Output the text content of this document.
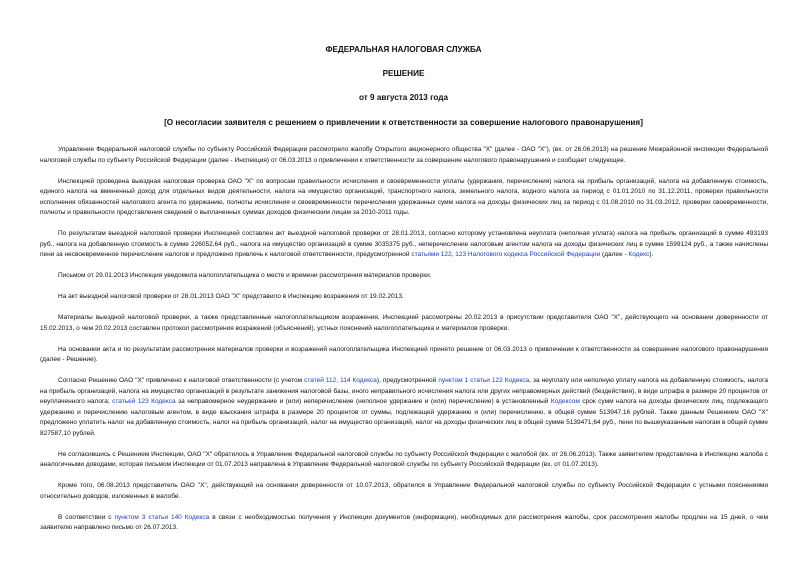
ФЕДЕРАЛЬНАЯ НАЛОГОВАЯ СЛУЖБА
РЕШЕНИЕ
от 9 августа 2013 года
[О несогласии заявителя с решением о привлечении к ответственности за совершение налогового правонарушения]

Управление Федеральной налоговой службы по субъекту Российской Федерации рассмотрело жалобу Открытого акционерного общества "X" (далее - ОАО "X"), (вх. от 26.06.2013) на решение Межрайонной инспекции Федеральной налоговой службы по субъекту Российской Федерации (далее - Инспекция) от 06.03.2013 о привлечении к ответственности за совершение налогового правонарушения и сообщает следующее.

Инспекцией проведена выездная налоговая проверка ОАО "X" по вопросам правильности исчисления и своевременности уплаты (удержания, перечисления) налога на прибыль организаций, налога на добавленную стоимость, единого налога на вмененный доход для отдельных видов деятельности, налога на имущество организаций, транспортного налога, земельного налога, водного налога за период с 01.01.2010 по 31.12.2011, проверки правильности исполнения обязанностей налогового агента по удержанию, полноты исчисления и своевременности перечисления удержанных сумм налога на доходы физических лиц за период с 01.08.2010 по 31.03.2012, проверки своевременности, полноты и правильности представления сведений о выплаченных суммах доходов физическим лицам за 2010-2011 годы.

По результатам выездной налоговой проверки Инспекцией составлен акт выездной налоговой проверки от 28.01.2013, согласно которому установлена неуплата (неполная уплата) налога на прибыль организаций в сумме 493193 руб., налога на добавленную стоимость в сумме 226052,64 руб., налога на имущество организаций в сумме 3035375 руб., неперечисление налоговым агентом налога на доходы физических лиц в сумме 1599124 руб., а также начислены пени за несвоевременное перечисление налогов и предложено привлечь к налоговой ответственности, предусмотренной статьями 122, 123 Налогового кодекса Российской Федерации (далее - Кодекс).

Письмом от 29.01.2013 Инспекция уведомила налогоплательщика о месте и времени рассмотрения материалов проверки.

На акт выездной налоговой проверки от 28.01.2013 ОАО "X" представило в Инспекцию возражения от 19.02.2013.

Материалы выездной налоговой проверки, а также представленные налогоплательщиком возражения, Инспекцией рассмотрены 20.02.2013 в присутствии представителя ОАО "X", действующего на основании доверенности от 15.02.2013, о чем 20.02.2013 составлен протокол рассмотрения возражений (объяснений), устных пояснений налогоплательщика и материалов проверки.

На основании акта и по результатам рассмотрения материалов проверки и возражений налогоплательщика Инспекцией принято решение от 06.03.2013 о привлечении к ответственности за совершение налогового правонарушения (далее - Решение).

Согласно Решению ОАО "X" привлечено к налоговой ответственности (с учетом статей 112, 114 Кодекса), предусмотренной пунктом 1 статьи 122 Кодекса, за неуплату или неполную уплату налога на добавленную стоимость, налога на прибыль организаций, налога на имущество организаций в результате занижения налоговой базы, иного неправильного исчисления налога или других неправомерных действий (бездействия), в виде штрафа в размере 20 процентов от неуплаченного налога; статьей 123 Кодекса за неправомерное неудержание и (или) неперечисление (неполное удержание и (или) перечисление) в установленный Кодексом срок сумм налога на доходы физических лиц, подлежащего удержанию и перечислению налоговым агентом, в виде взыскания штрафа в размере 20 процентов от суммы, подлежащей удержанию и (или) перечислению, в общей сумме 513947,16 рублей. Также данным Решением ОАО "X" предложено уплатить налог на добавленную стоимость, налог на прибыль организаций, налог на имущество организаций, налог на доходы физических лиц в общей сумме 5139471,64 руб., пени по вышеуказанным налогам в общей сумме 827587,10 рублей.

Не согласившись с Решением Инспекции, ОАО "X" обратилось в Управление Федеральной налоговой службы по субъекту Российской Федерации с жалобой (вх. от 26.06.2013). Также заявителем представлена в Инспекцию жалоба с аналогичными доводами, которая письмом Инспекции от 01.07.2013 направлена в Управление Федеральной налоговой службы по субъекту Российской Федерации (вх. от 01.07.2013).

Кроме того, 06.08.2013 представитель ОАО "X", действующий на основании доверенности от 10.07.2013, обратился в Управление Федеральной налоговой службы по субъекту Российской Федерации с устными пояснениями относительно доводов, изложенных в жалобе.

В соответствии с пунктом 3 статьи 140 Кодекса в связи с необходимостью получения у Инспекции документов (информации), необходимых для рассмотрения жалобы, срок рассмотрения жалобы продлен на 15 дней, о чем заявителю направлено письмо от 26.07.2013.
